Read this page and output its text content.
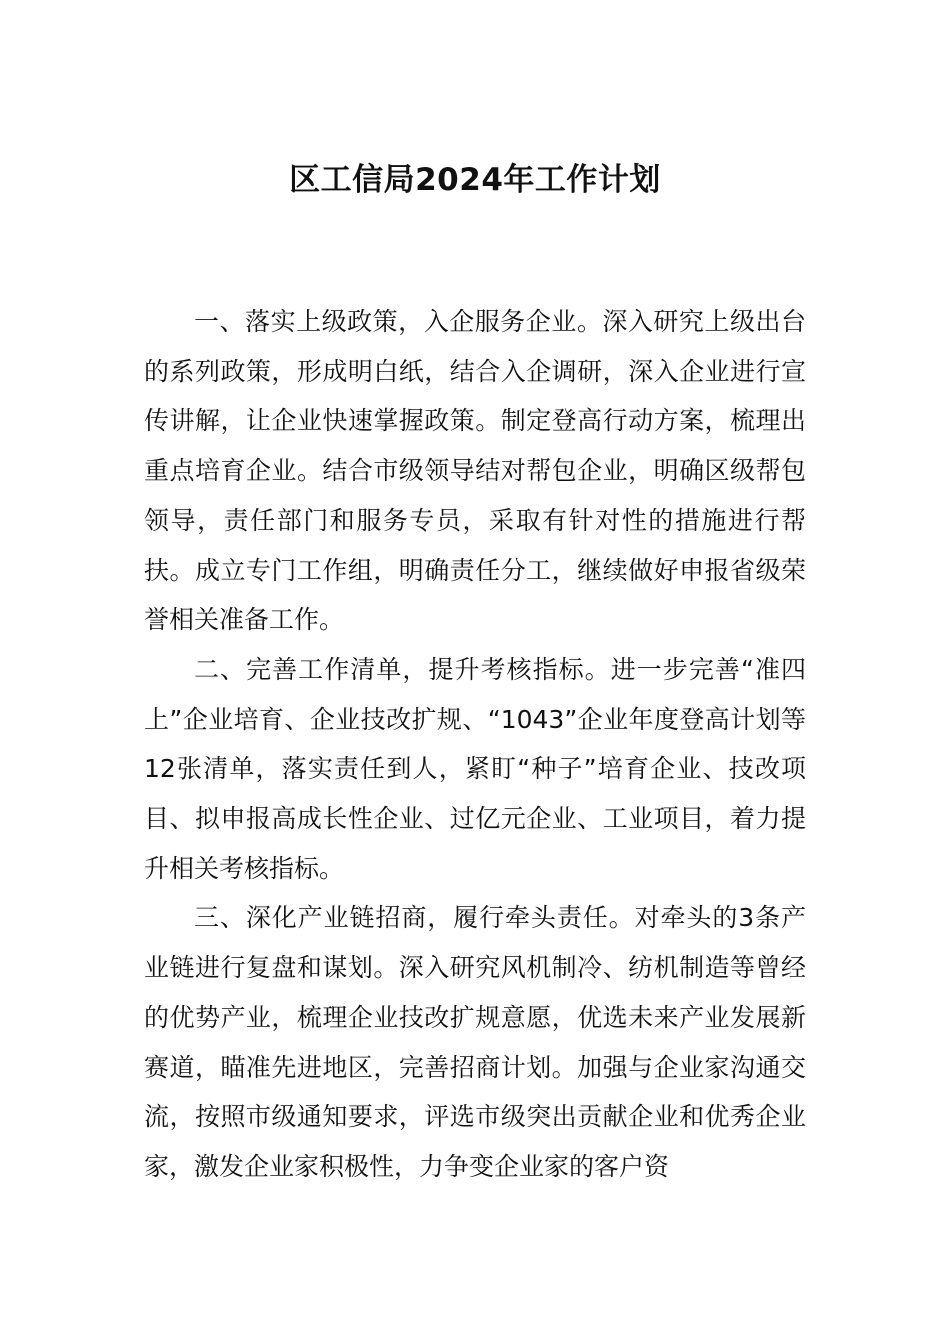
区工信局2024年工作计划

一、落实上级政策，入企服务企业。深入研究上级出台的系列政策，形成明白纸，结合入企调研，深入企业进行宣传讲解，让企业快速掌握政策。制定登高行动方案，梳理出重点培育企业。结合市级领导结对帮包企业，明确区级帮包领导，责任部门和服务专员，采取有针对性的措施进行帮扶。成立专门工作组，明确责任分工，继续做好申报省级荣誉相关准备工作。

二、完善工作清单，提升考核指标。进一步完善“准四上”企业培育、企业技改扩规、“1043”企业年度登高计划等12张清单，落实责任到人，紧盯“种子”培育企业、技改项目、拟申报高成长性企业、过亿元企业、工业项目，着力提升相关考核指标。

三、深化产业链招商，履行牵头责任。对牵头的3条产业链进行复盘和谋划。深入研究风机制冷、纺机制造等曾经的优势产业，梳理企业技改扩规意愿，优选未来产业发展新赛道，瞄准先进地区，完善招商计划。加强与企业家沟通交流，按照市级通知要求，评选市级突出贡献企业和优秀企业家，激发企业家积极性，力争变企业家的客户资
